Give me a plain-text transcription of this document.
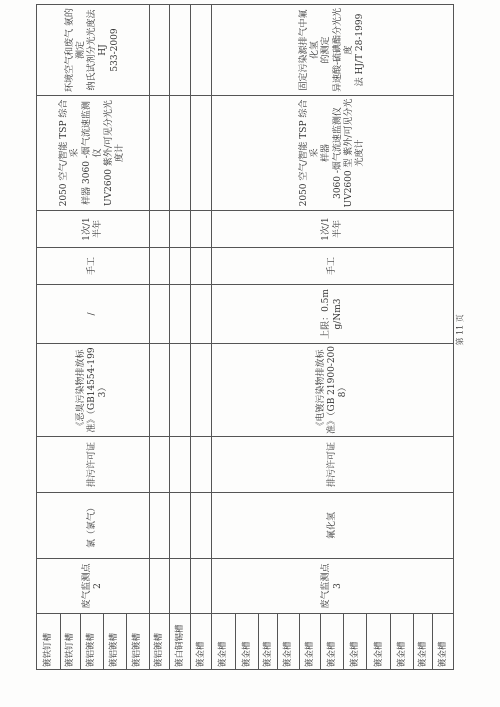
镀铁钉槽	废气监测点 2	氯（氯气）	排污许可证	《恶臭污染物排放标准》（GB14554-1993）	/	手工	1次/1半年	2050 空气/智能 TSP 综合采 样器 3060 -烟气流速监测 仪 UV2600 紫外/可见分光光 度计	环境空气和废气 氨的测定 纳氏试剂分光光度法 HJ 533-2009

镀铁钉槽									
镀铝镀槽									
镀铝镀槽									
镀铝镀槽									
镀铝镀槽									
镀白铜锡槽									
镀金槽									
镀金槽	废气监测点 3	氟化氢	排污许可证	《电镀污染物排放标准》（GB 21900-2008）	上限：0.5mg/Nm3	手工	1次/1半年	2050 空气/智能 TSP 综合采 样器 3060 -烟气流速监测仪 UV2600 型 紫外/可见分光 光度计	固定污染源排气中氟化氢 的测定 异速酸-硫碘酯分光光度 法 HJ/T 28-1999

镀金槽									
镀金槽									
镀金槽									
镀金槽									
镀金槽									
镀金槽									
镀金槽									
镀金槽									
镀金槽									
镀金槽									
第 11 页
